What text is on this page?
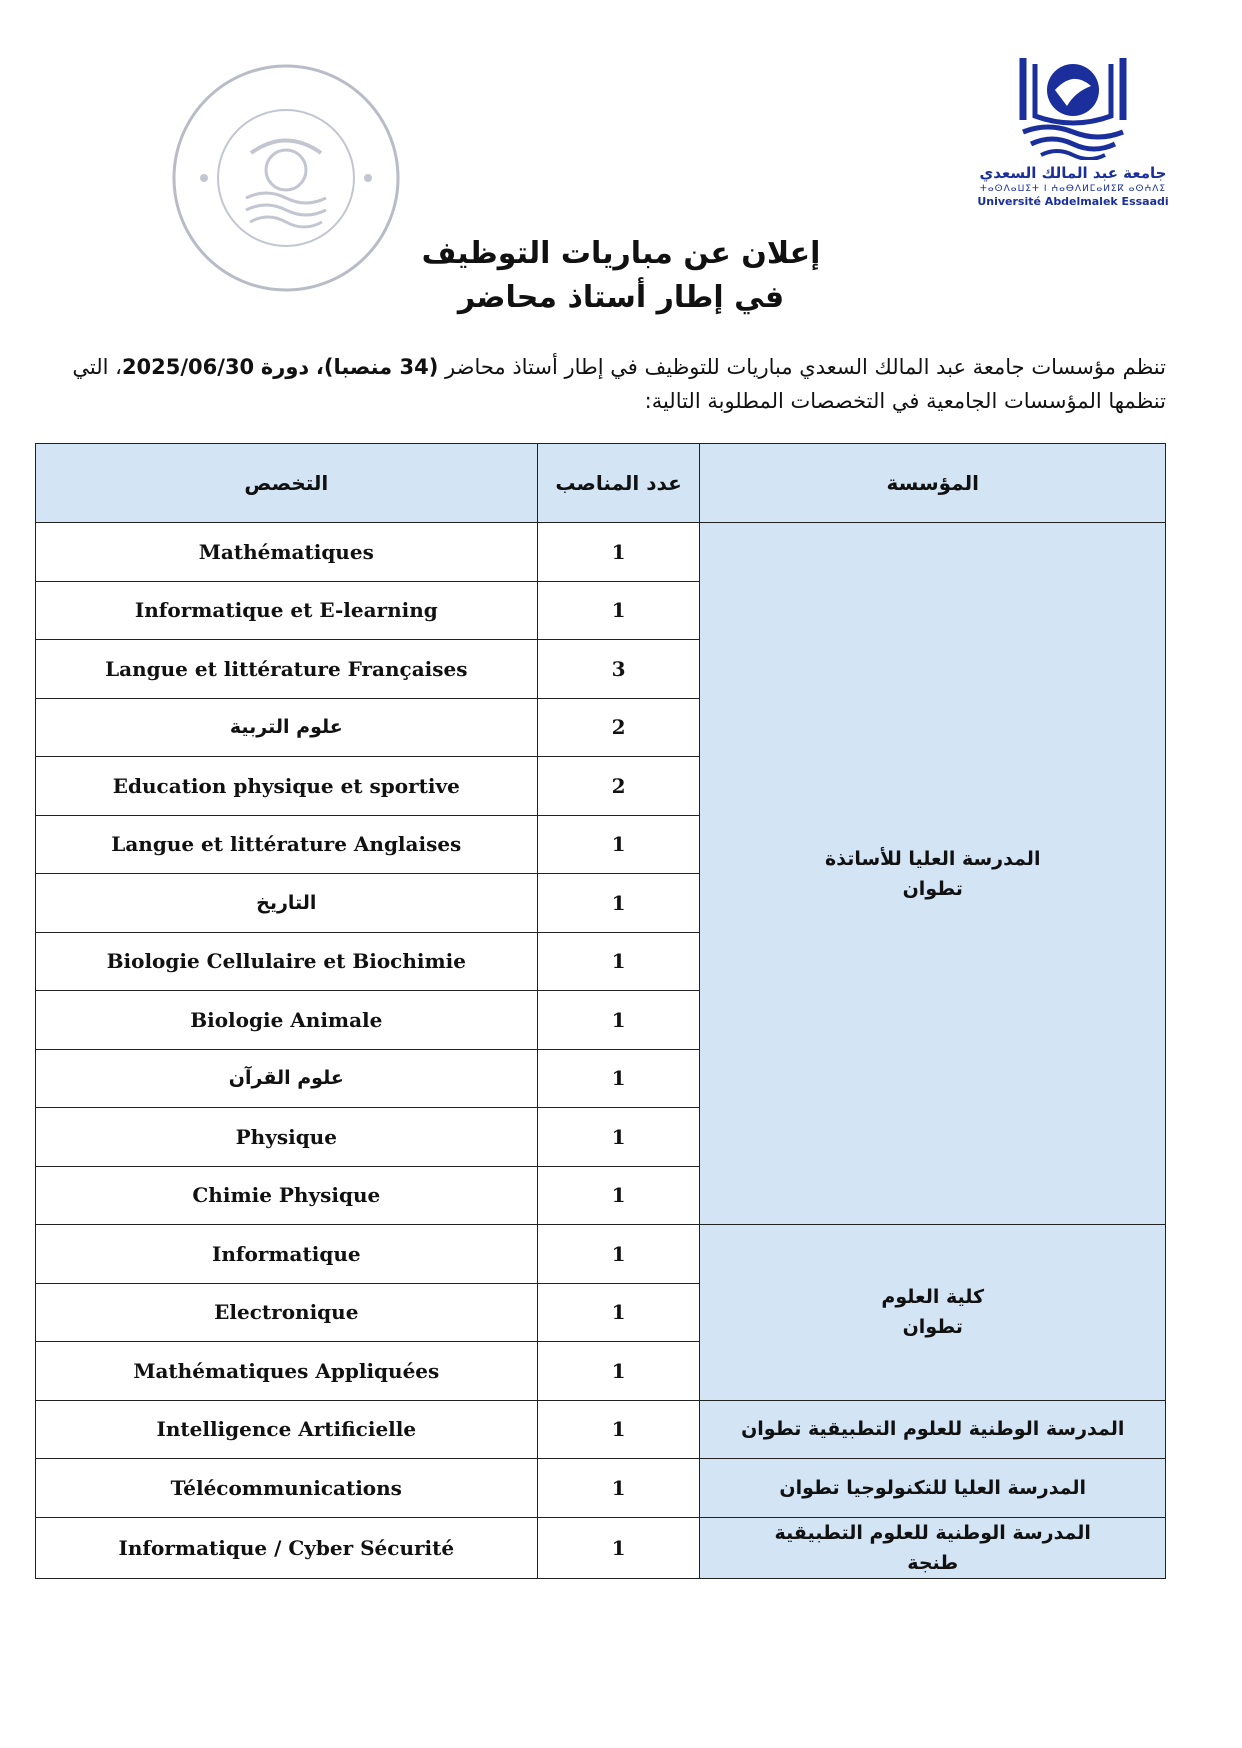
جامعة عبد المالك السعدي
ⵜⴰⵙⴷⴰⵡⵉⵜ ⵏ ⵄⴰⴱⴷⵍⵎⴰⵍⵉⴽ ⴰⵙⵄⴷⵉ
Université Abdelmalek Essaadi
إعلان عن مباريات التوظيف
في إطار أستاذ محاضر
تنظم مؤسسات جامعة عبد المالك السعدي مباريات للتوظيف في إطار أستاذ محاضر (34 منصبا)، دورة 2025/06/30، التي تنظمها المؤسسات الجامعية في التخصصات المطلوبة التالية:
التخصص	عدد المناصب	المؤسسة
Mathématiques	1	المدرسة العليا للأساتذة
تطوان

Informatique et E-learning	1	
Langue et littérature Françaises	3	
علوم التربية	2	
Education physique et sportive	2	
Langue et littérature Anglaises	1	
التاريخ	1	
Biologie Cellulaire et Biochimie	1	
Biologie Animale	1	
علوم القرآن	1	
Physique	1	
Chimie Physique	1	
Informatique	1	كلية العلوم
تطوان

Electronique	1	
Mathématiques Appliquées	1	
Intelligence Artificielle	1	المدرسة الوطنية للعلوم التطبيقية تطوان

Télécommunications	1	المدرسة العليا للتكنولوجيا تطوان

Informatique / Cyber Sécurité	1	المدرسة الوطنية للعلوم التطبيقية
طنجة
